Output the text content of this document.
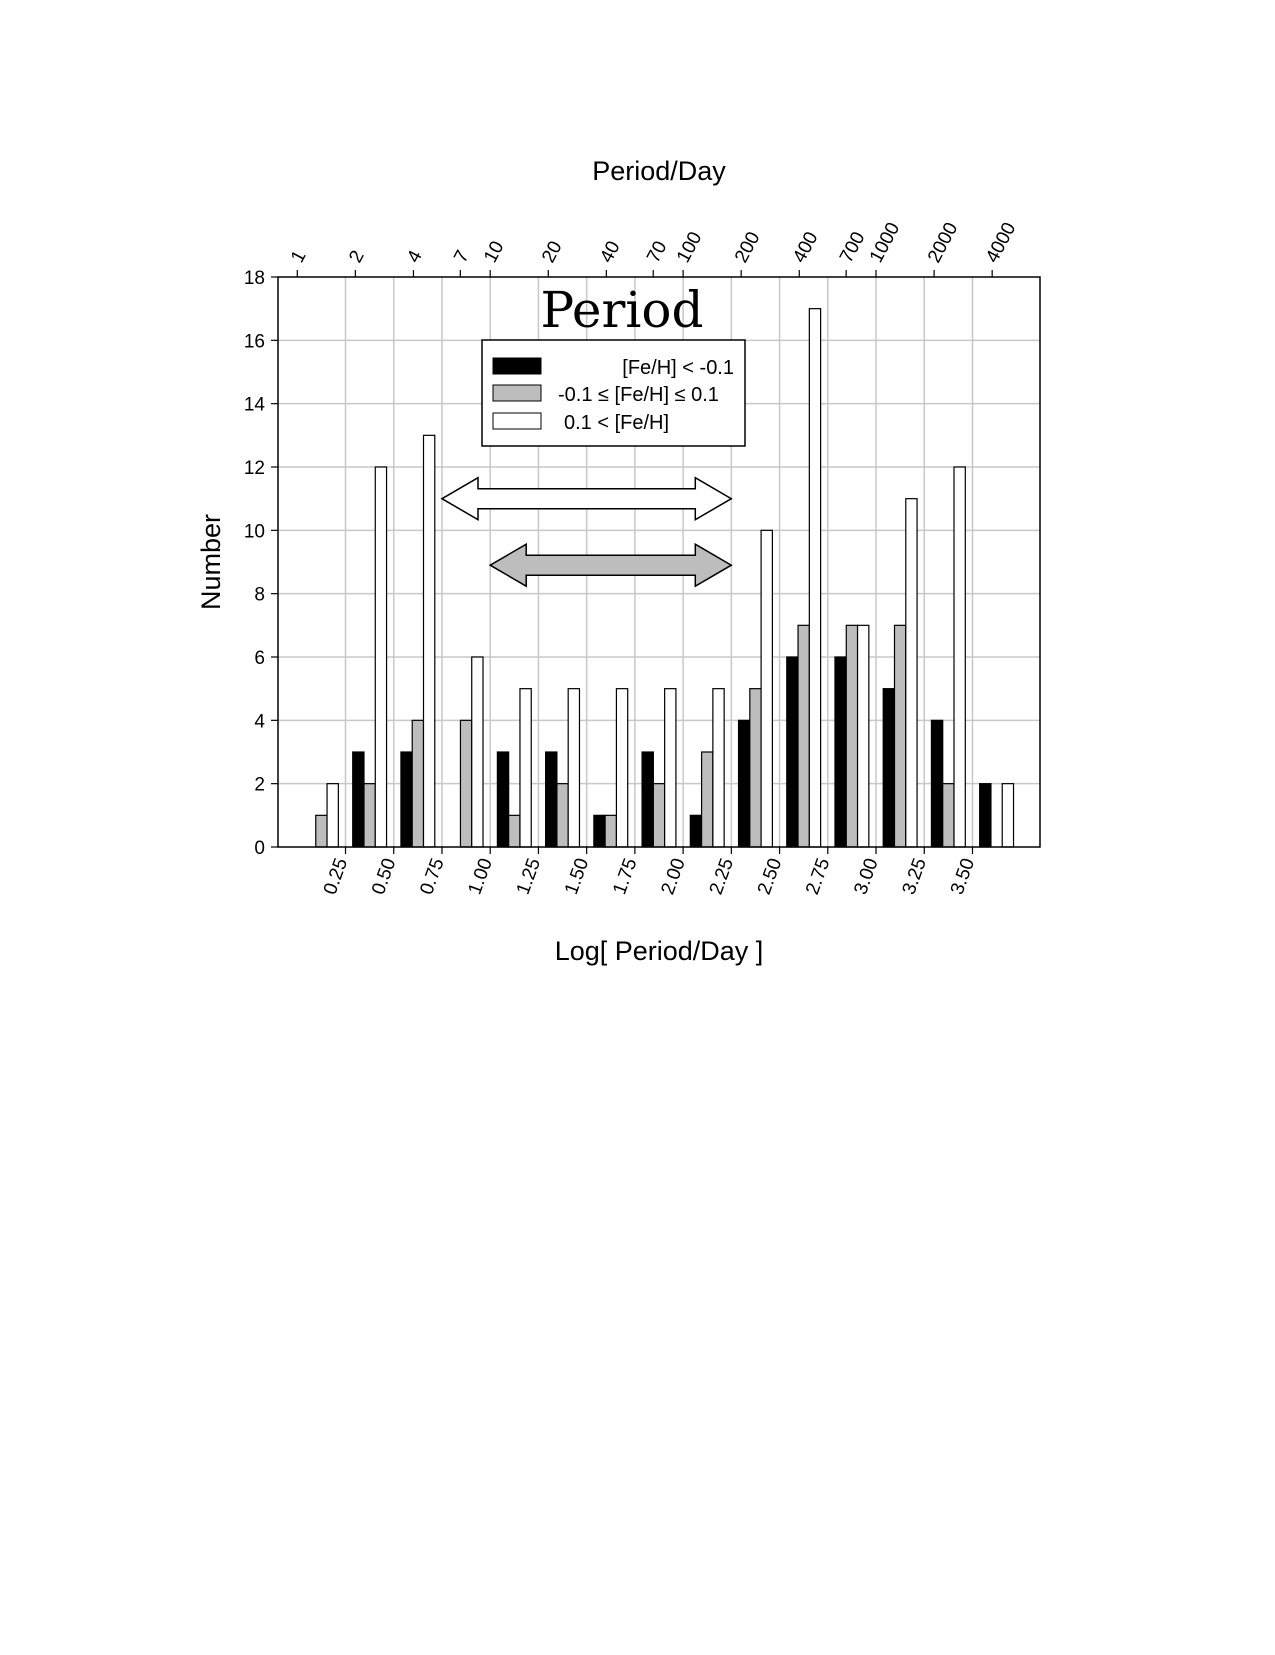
0
2
4
6
8
10
12
14
16
18
0.25 0.50 0.75 1.00 1.25 1.50 1.75 2.00 2.25 2.50 2.75 3.00 3.25 3.50
1 2 4 7 10 20 40 70 100 200 400 700
1000 2000 4000
Period/Day
Log[ Period/Day ]
Number
Period
[Fe/H] < -0.1
-0.1 ≤ [Fe/H] ≤ 0.1
0.1 < [Fe/H]
